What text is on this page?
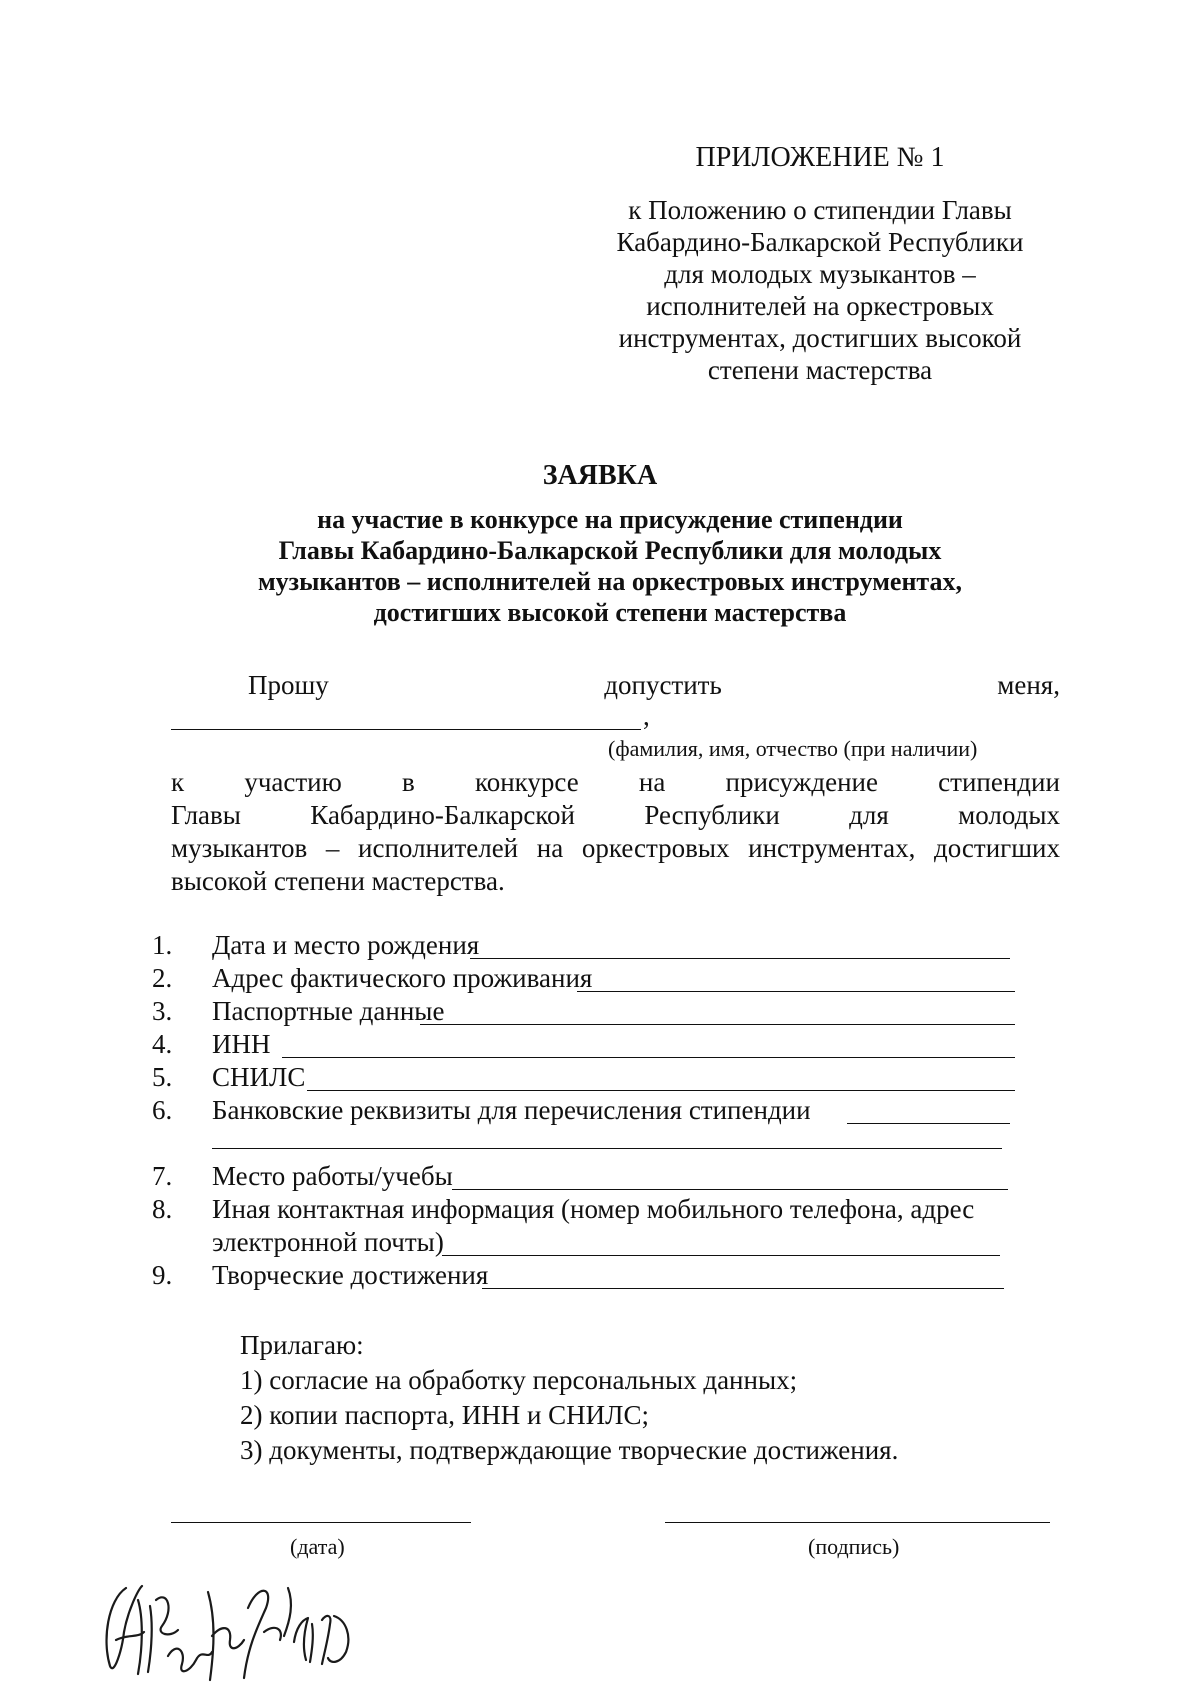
ПРИЛОЖЕНИЕ № 1
к Положению о стипендии Главы
Кабардино-Балкарской Республики
для молодых музыкантов –
исполнителей на оркестровых
инструментах, достигших высокой
степени мастерства
ЗАЯВКА
на участие в конкурсе на присуждение стипендии
Главы Кабардино-Балкарской Республики для молодых
музыкантов – исполнителей на оркестровых инструментах,
достигших высокой степени мастерства
Прошу	допустить	меня,
,
(фамилия, имя, отчество (при наличии)
к участию в конкурсе на присуждение стипендии
Главы	Кабардино-Балкарской	Республики	для	молодых
музыкантов – исполнителей на оркестровых инструментах, достигших
высокой степени мастерства.
1. Дата и место рождения
2. Адрес фактического проживания
3. Паспортные данные
4. ИНН
5. СНИЛС
6. Банковские реквизиты для перечисления стипендии
7. Место работы/учебы
8. Иная контактная информация (номер мобильного телефона, адрес
электронной почты)
9. Творческие достижения
Прилагаю:
1) согласие на обработку персональных данных;
2) копии паспорта, ИНН и СНИЛС;
3) документы, подтверждающие творческие достижения.
(дата)	(подпись)
